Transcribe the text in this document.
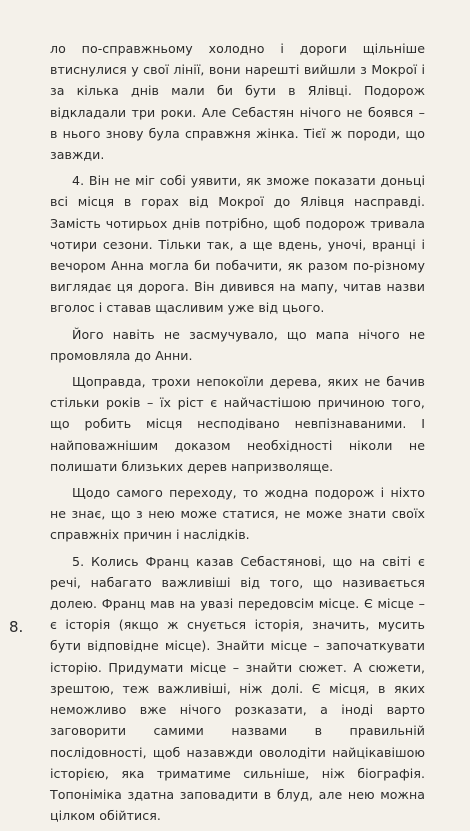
ло по-справжньому холодно і дороги щільніше втиснулися у свої лінії, вони нарешті вийшли з Мокрої і за кілька днів мали би бути в Ялівці. Подорож відкладали три роки. Але Себастян нічого не боявся – в нього знову була справжня жінка. Тієї ж породи, що завжди.

4. Він не міг собі уявити, як зможе показати доньці всі місця в горах від Мокрої до Ялівця насправді. Замість чотирьох днів потрібно, щоб подорож тривала чотири сезони. Тільки так, а ще вдень, уночі, вранці і вечором Анна могла би побачити, як разом по-різному виглядає ця дорога. Він дивився на мапу, читав назви вголос і ставав щасливим уже від цього.

Його навіть не засмучувало, що мапа нічого не промовляла до Анни.

Щоправда, трохи непокоїли дерева, яких не бачив стільки років – їх ріст є найчастішою причиною того, що робить місця несподівано невпізнаваними. І найповажнішим доказом необхідності ніколи не полишати близьких дерев напризволяще.

Щодо самого переходу, то жодна подорож і ніхто не знає, що з нею може статися, не може знати своїх справжніх причин і наслідків.

5. Колись Франц казав Себастянові, що на світі є речі, набагато важливіші від того, що називається долею. Франц мав на увазі передовсім місце. Є місце – є історія (якщо ж снується історія, значить, мусить бути відповідне місце). Знайти місце – започаткувати історію. Придумати місце – знайти сюжет. А сюжети, зрештою, теж важливіші, ніж долі. Є місця, в яких неможливо вже нічого розказати, а іноді варто заговорити самими назвами в правильній послідовності, щоб назавжди оволодіти найцікавішою історією, яка триматиме сильніше, ніж біографія. Топоніміка здатна заповадити в блуд, але нею можна цілком обійтися.

8.
